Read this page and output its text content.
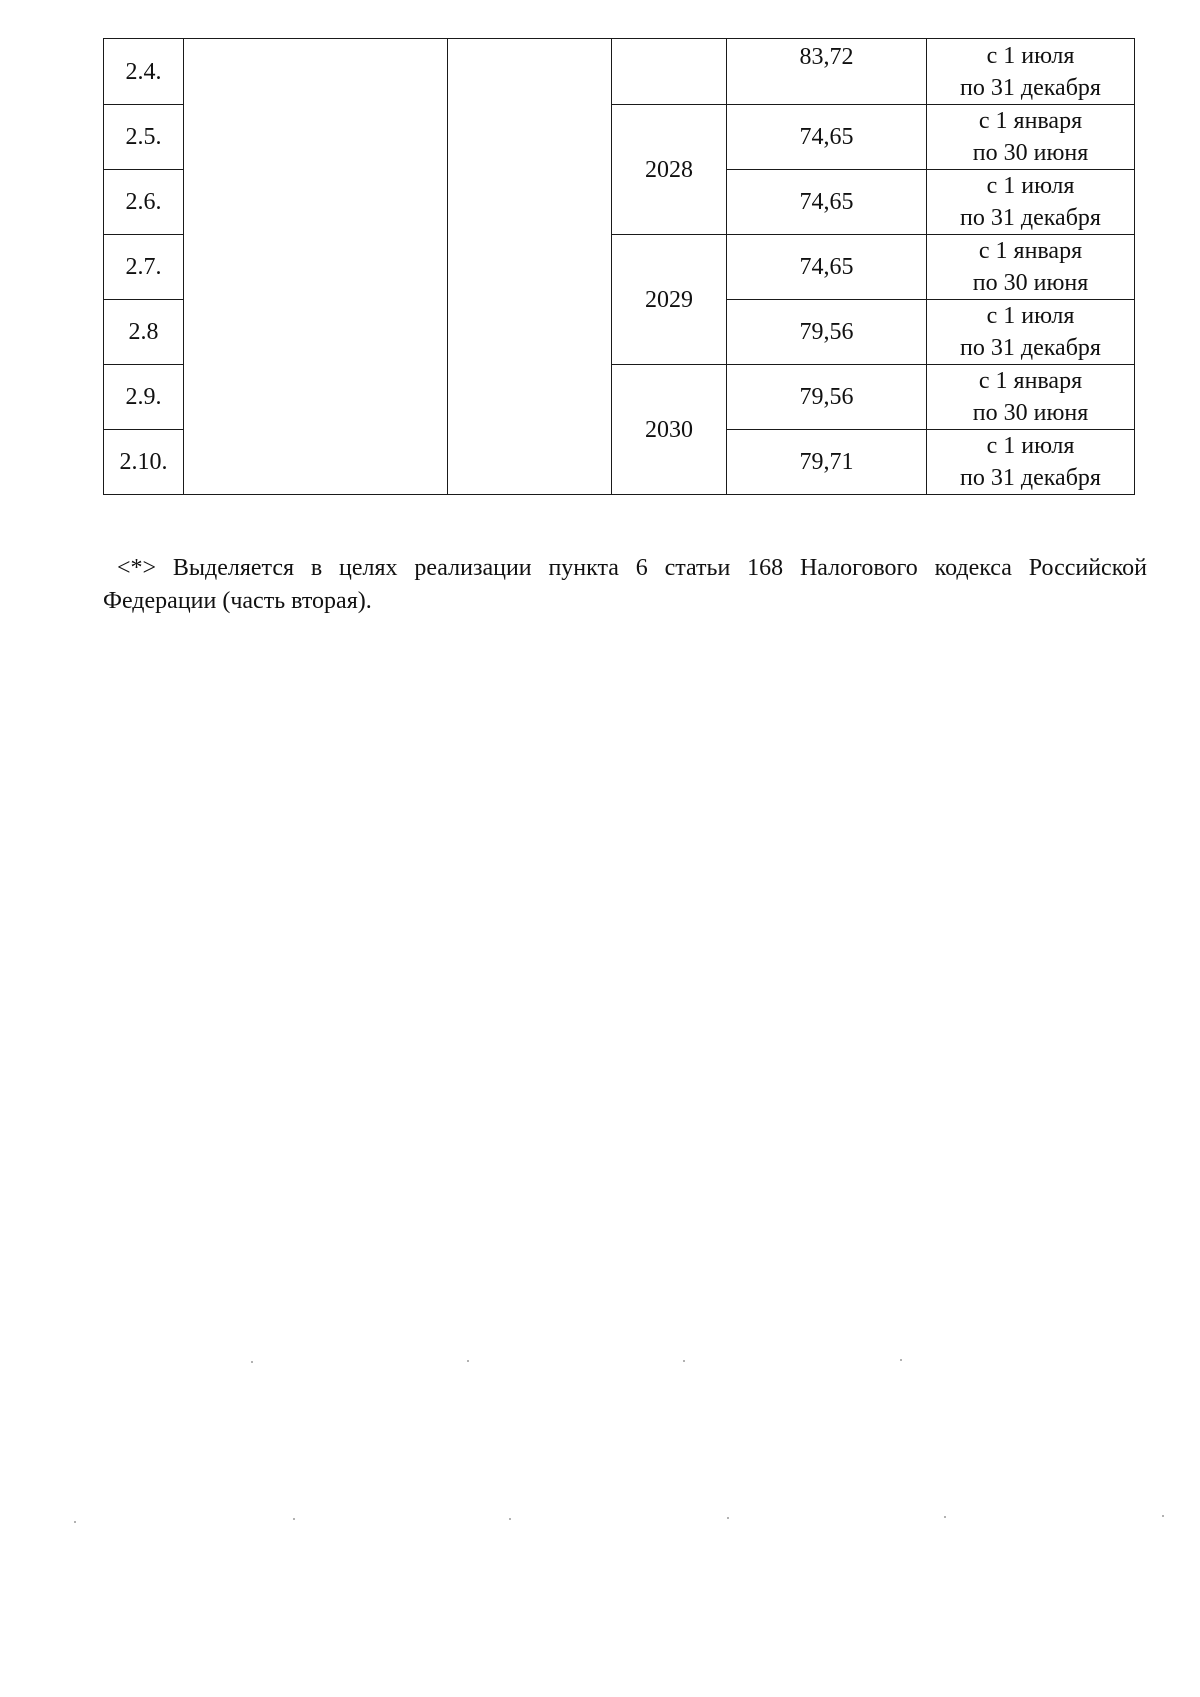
2.4.				83,72	с 1 июля
по 31 декабря

2.5.			2028	74,65	с 1 января
по 30 июня

2.6.				74,65	с 1 июля
по 31 декабря

2.7.			2029	74,65	с 1 января
по 30 июня

2.8				79,56	с 1 июля
по 31 декабря

2.9.			2030	79,56	с 1 января
по 30 июня

2.10.				79,71	с 1 июля
по 31 декабря

<*> Выделяется в целях реализации пункта 6 статьи 168 Налогового кодекса Российской Федерации (часть вторая).
